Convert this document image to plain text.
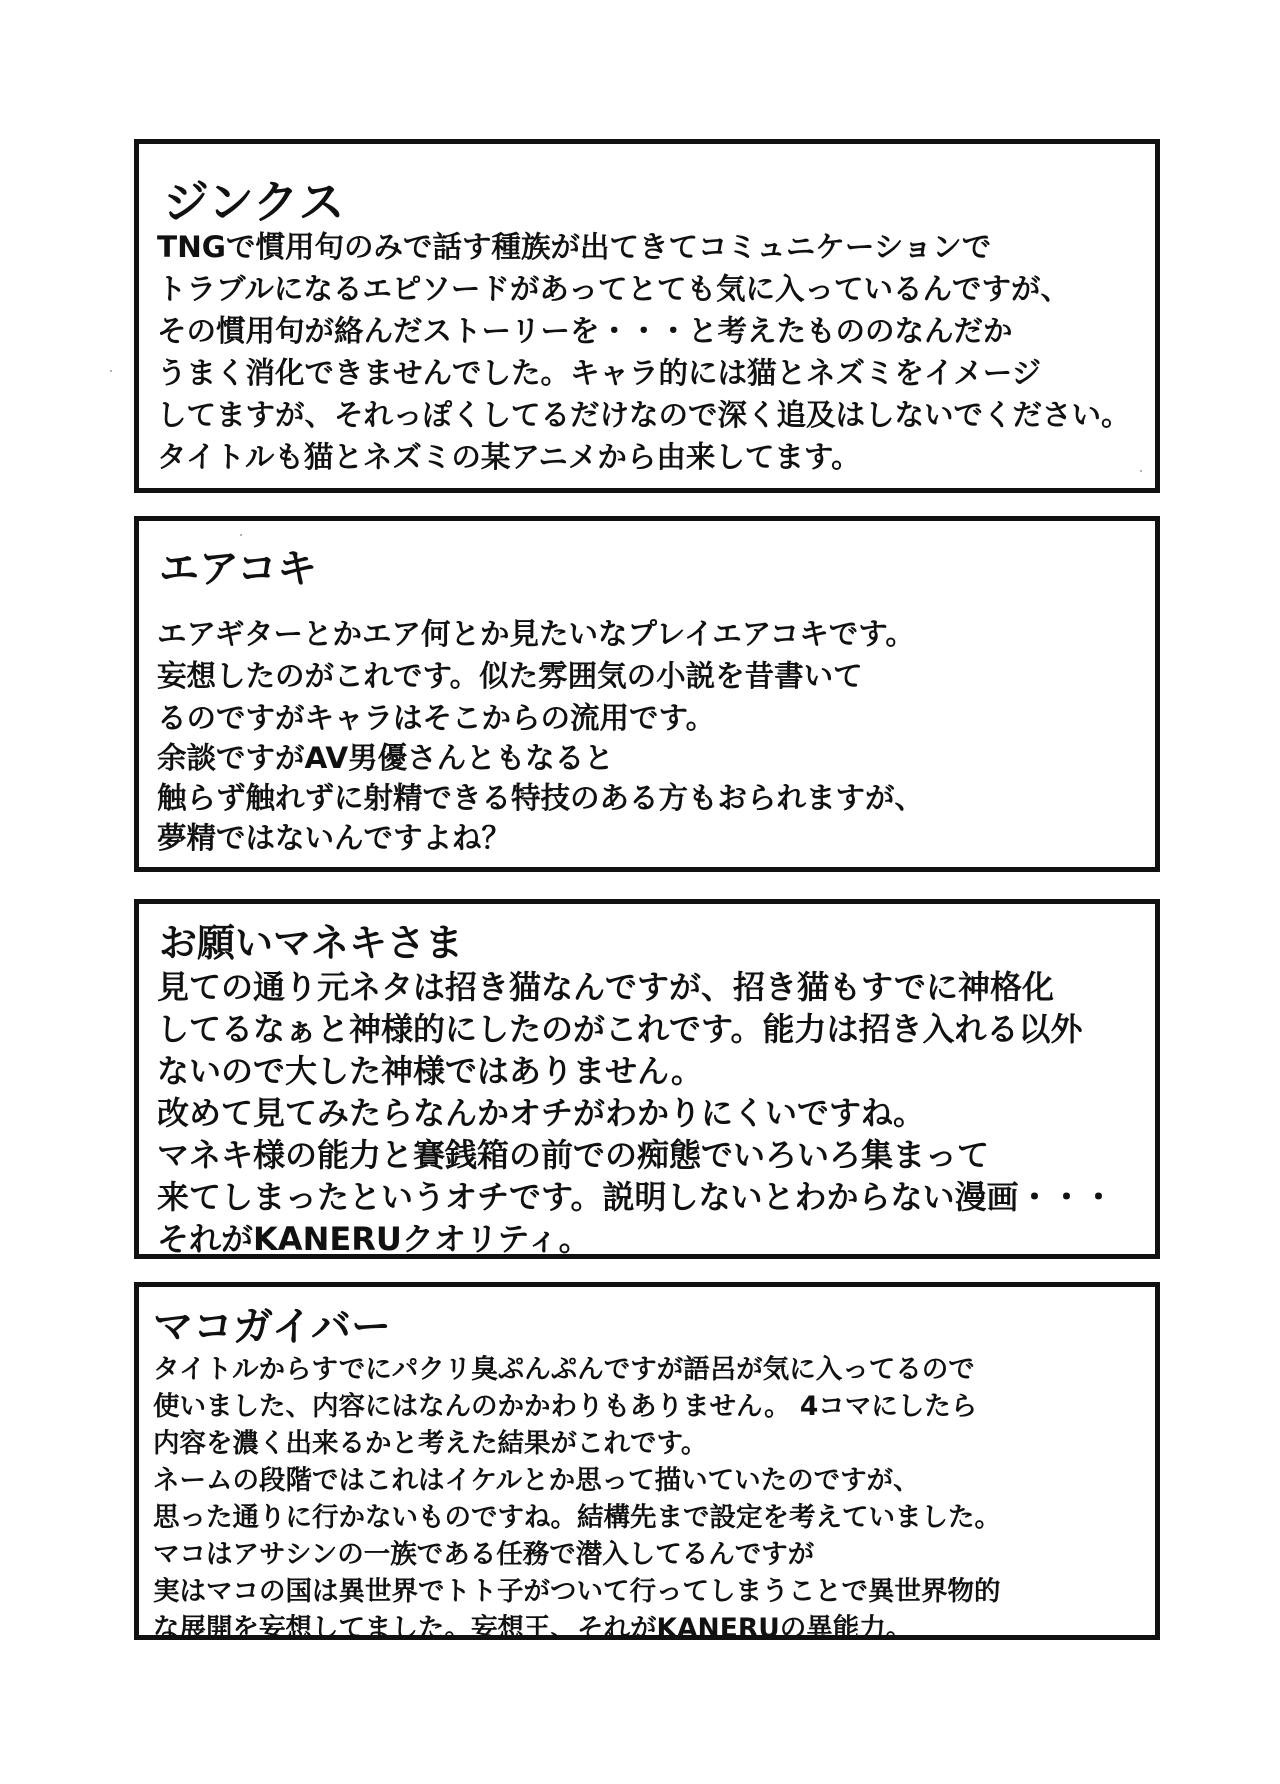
ジンクス

TNGで慣用句のみで話す種族が出てきてコミュニケーションで

トラブルになるエピソードがあってとても気に入っているんですが、

その慣用句が絡んだストーリーを・・・と考えたもののなんだか

うまく消化できませんでした。キャラ的には猫とネズミをイメージ

してますが、それっぽくしてるだけなので深く追及はしないでください。

タイトルも猫とネズミの某アニメから由来してます。

エアコキ

エアギターとかエア何とか見たいなプレイエアコキです。

妄想したのがこれです。似た雰囲気の小説を昔書いて

るのですがキャラはそこからの流用です。

余談ですがAV男優さんともなると

触らず触れずに射精できる特技のある方もおられますが、

夢精ではないんですよね？

お願いマネキさま

見ての通り元ネタは招き猫なんですが、招き猫もすでに神格化

してるなぁと神様的にしたのがこれです。能力は招き入れる以外

ないので大した神様ではありません。

改めて見てみたらなんかオチがわかりにくいですね。

マネキ様の能力と賽銭箱の前での痴態でいろいろ集まって

来てしまったというオチです。説明しないとわからない漫画・・・

それがKANERUクオリティ。

マコガイバー

タイトルからすでにパクリ臭ぷんぷんですが語呂が気に入ってるので

使いました、内容にはなんのかかわりもありません。 4コマにしたら

内容を濃く出来るかと考えた結果がこれです。

ネームの段階ではこれはイケルとか思って描いていたのですが、

思った通りに行かないものですね。結構先まで設定を考えていました。

マコはアサシンの一族である任務で潜入してるんですが

実はマコの国は異世界でトト子がついて行ってしまうことで異世界物的

な展開を妄想してました。妄想王、それがKANERUの異能力。
